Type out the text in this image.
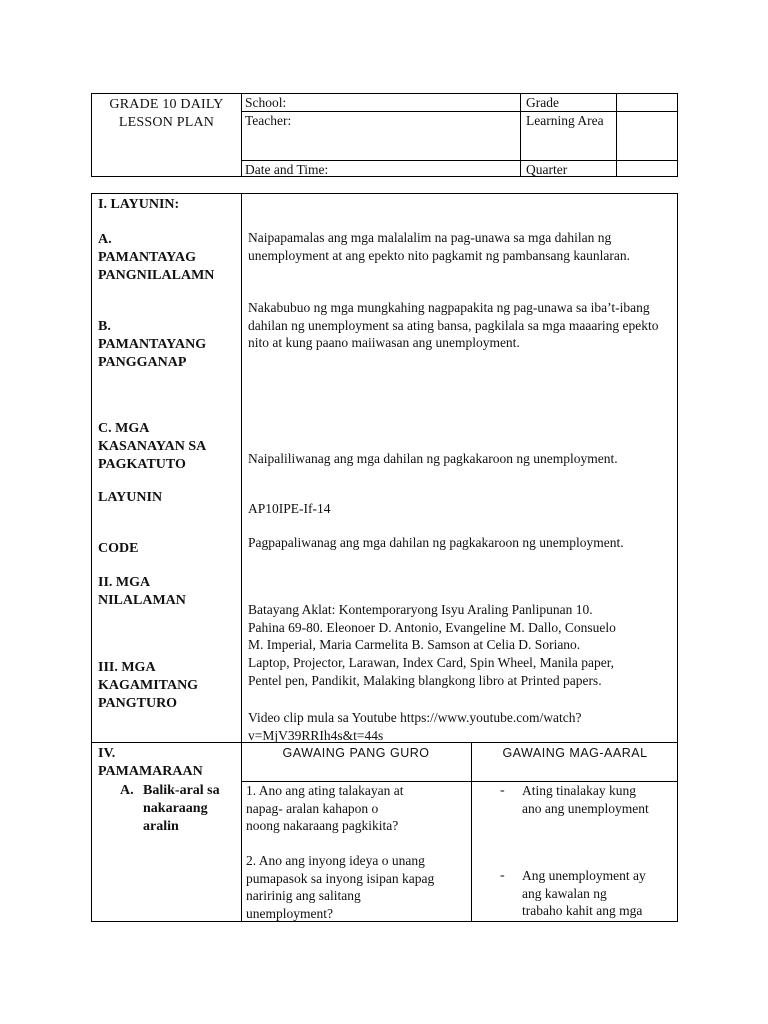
GRADE 10 DAILY
LESSON PLAN
School:
Teacher:
Date and Time:
Grade
Learning Area
Quarter
I. LAYUNIN:
A.
PAMANTAYAG
PANGNILALAMN
B.
PAMANTAYANG
PANGGANAP
C. MGA
KASANAYAN SA
PAGKATUTO
LAYUNIN
CODE
II. MGA
NILALAMAN
III. MGA
KAGAMITANG
PANGTURO
IV.
PAMAMARAAN
A. Balik-aral sa
nakaraang
aralin
Naipapamalas ang mga malalalim na pag-unawa sa mga dahilan ng unemployment at ang epekto nito pagkamit ng pambansang kaunlaran.
Nakabubuo ng mga mungkahing nagpapakita ng pag-unawa sa iba’t-ibang dahilan ng unemployment sa ating bansa, pagkilala sa mga maaaring epekto nito at kung paano maiiwasan ang unemployment.
Naipaliliwanag ang mga dahilan ng pagkakaroon ng unemployment.
AP10IPE-If-14
Pagpapaliwanag ang mga dahilan ng pagkakaroon ng unemployment.
Batayang Aklat: Kontemporaryong Isyu Araling Panlipunan 10.
Pahina 69-80. Eleonoer D. Antonio, Evangeline M. Dallo, Consuelo
M. Imperial, Maria Carmelita B. Samson at Celia D. Soriano.
Laptop, Projector, Larawan, Index Card, Spin Wheel, Manila paper, Pentel pen, Pandikit, Malaking blangkong libro at Printed papers.
Video clip mula sa Youtube https://www.youtube.com/watch?
v=MjV39RRIh4s&t=44s
GAWAING PANG GURO	GAWAING MAG-AARAL
1. Ano ang ating talakayan at
napag- aralan kahapon o
noong nakaraang pagkikita?
2. Ano ang inyong ideya o unang
pumapasok sa inyong isipan kapag
naririnig ang salitang
unemployment?
- Ating tinalakay kung
ano ang unemployment
- Ang unemployment ay
ang kawalan ng
trabaho kahit ang mga
